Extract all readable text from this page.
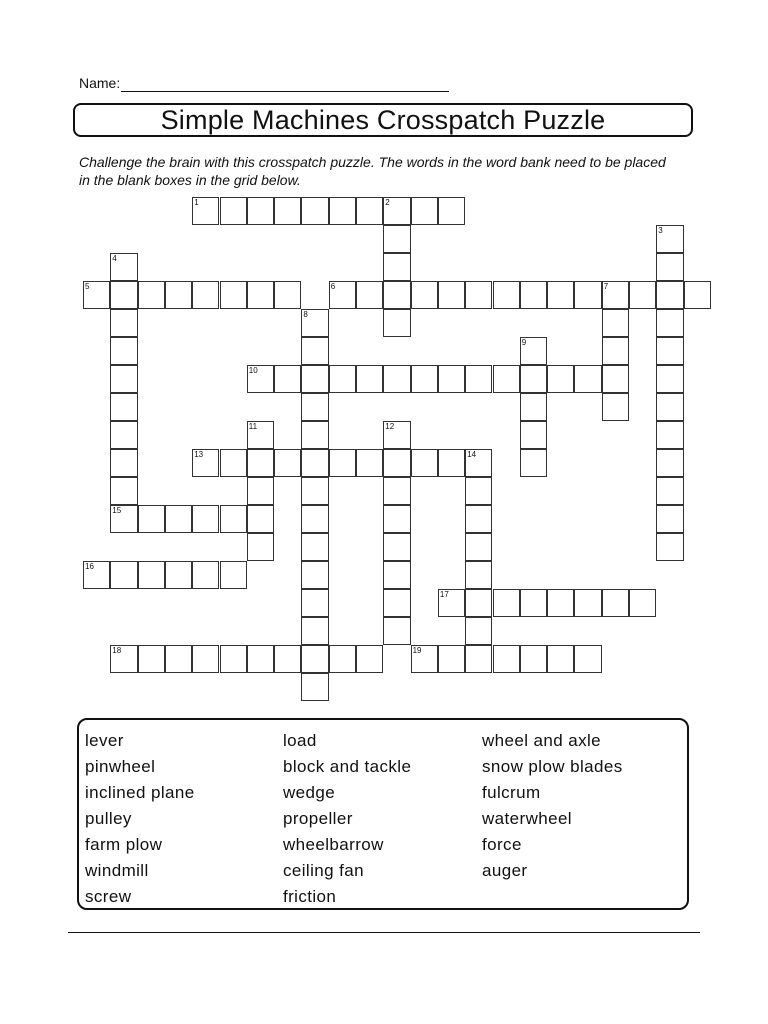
Name:
Simple Machines Crosspatch Puzzle
Challenge the brain with this crosspatch puzzle. The words in the word bank need to be placed in the blank boxes in the grid below.
1	2
3
4
5	6	7
8
9
10
11	12
13	14
15
16
17
18	19
lever
pinwheel
inclined plane
pulley
farm plow
windmill
screw
load
block and tackle
wedge
propeller
wheelbarrow
ceiling fan
friction
wheel and axle
snow plow blades
fulcrum
waterwheel
force
auger
